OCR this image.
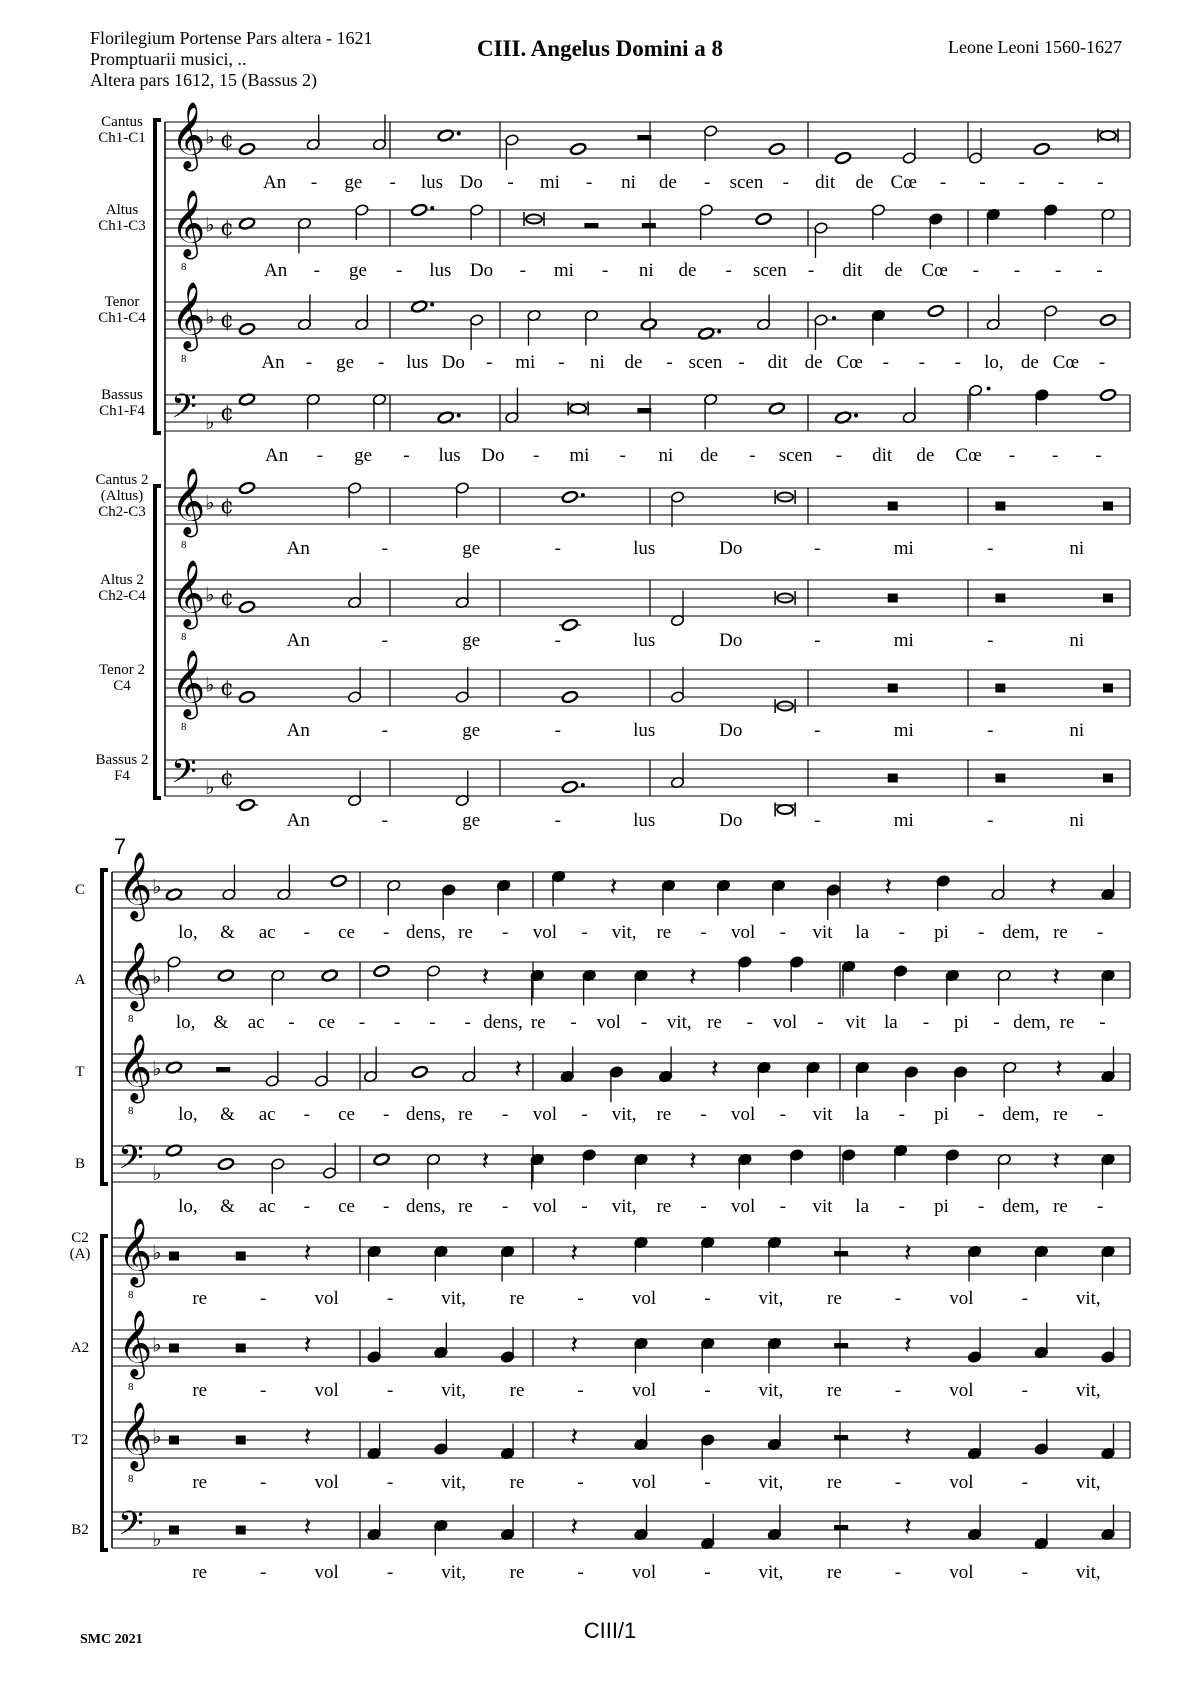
Florilegium Portense Pars altera - 1621
Promptuarii musici, ..
Altera pars 1612, 15 (Bassus 2)
CIII. Angelus Domini a 8	Leone Leoni 1560-1627
Cantus Ch1-C1 𝄞 ♭ ¢
An - ge - lus Do - mi - ni de - scen - dit de Cœ - - - - -
Altus Ch1-C3 𝄞
8
♭ ¢
An - ge - lus Do - mi - ni de - scen - dit de Cœ - - - -
Tenor Ch1-C4 𝄞
8
♭ ¢
An - ge - lus Do - mi - ni de - scen - dit de Cœ - - - lo, de Cœ -
Bassus Ch1-F4 𝄢 ♭ ¢
An - ge - lus Do - mi - ni de - scen - dit de Cœ - - -
Cantus 2 (Altus) Ch2-C3 𝄞
8
♭ ¢
An	-	ge	-	lus	Do	-	mi	-	ni
Altus 2 Ch2-C4 𝄞
8
♭ ¢
An	-	ge	-	lus	Do	-	mi	-	ni
Tenor 2 C4 𝄞
8
♭ ¢
An	-	ge	-	lus	Do	-	mi	-	ni
Bassus 2 F4	𝄢 ♭ ¢
An	-	ge	-	lus	Do	-	mi	-	ni
7
C 𝄞 ♭	𝄽	𝄽	𝄽
lo, & ac - ce - dens, re - vol - vit, re - vol - vit la - pi - dem, re -
A 𝄞
8
♭	𝄽	𝄽	𝄽
lo, & ac - ce - - - - dens, re - vol - vit, re - vol - vit la - pi - dem, re -
T 𝄞
8
♭	𝄽	𝄽	𝄽
lo, & ac - ce - dens, re - vol - vit, re - vol - vit la - pi - dem, re -
B 𝄢 ♭	𝄽	𝄽	𝄽
lo, & ac - ce - dens, re - vol - vit, re - vol - vit la - pi - dem, re -
C2 (A) 𝄞
8
♭	𝄽	𝄽	𝄽
re	-	vol	-	vit, re	-	vol	-	vit, re	-	vol	-	vit,
A2 𝄞
8
♭	𝄽	𝄽	𝄽
re	-	vol	-	vit, re	-	vol	-	vit, re	-	vol	-	vit,
T2 𝄞
8
♭	𝄽	𝄽	𝄽
re	-	vol	-	vit, re	-	vol	-	vit, re	-	vol	-	vit,
B2 𝄢 ♭	𝄽	𝄽	𝄽
re	-	vol	-	vit, re	-	vol	-	vit, re	-	vol	-	vit,
SMC 2021	CIII/1
